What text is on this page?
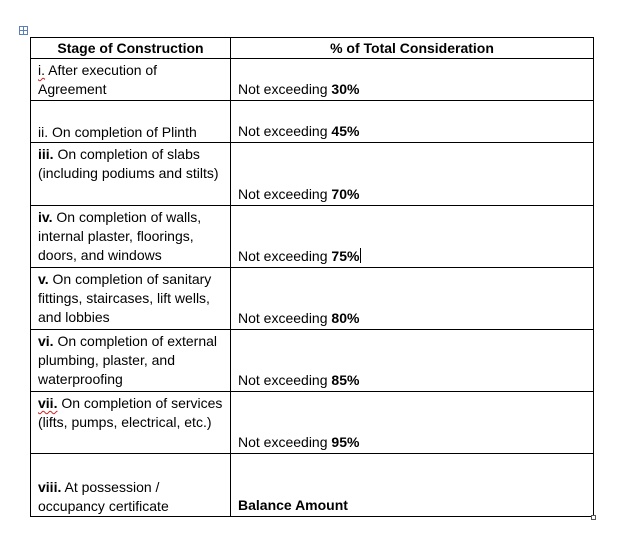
Stage of Construction	% of Total Consideration
i. After execution of Agreement	Not exceeding 30%
ii. On completion of Plinth	Not exceeding 45%
iii. On completion of slabs (including podiums and stilts)	Not exceeding 70%
iv. On completion of walls, internal plaster, floorings, doors, and windows	Not exceeding 75%
v. On completion of sanitary fittings, staircases, lift wells, and lobbies	Not exceeding 80%
vi. On completion of external plumbing, plaster, and waterproofing	Not exceeding 85%
vii. On completion of services (lifts, pumps, electrical, etc.)	Not exceeding 95%
viii. At possession / occupancy certificate	Balance Amount
